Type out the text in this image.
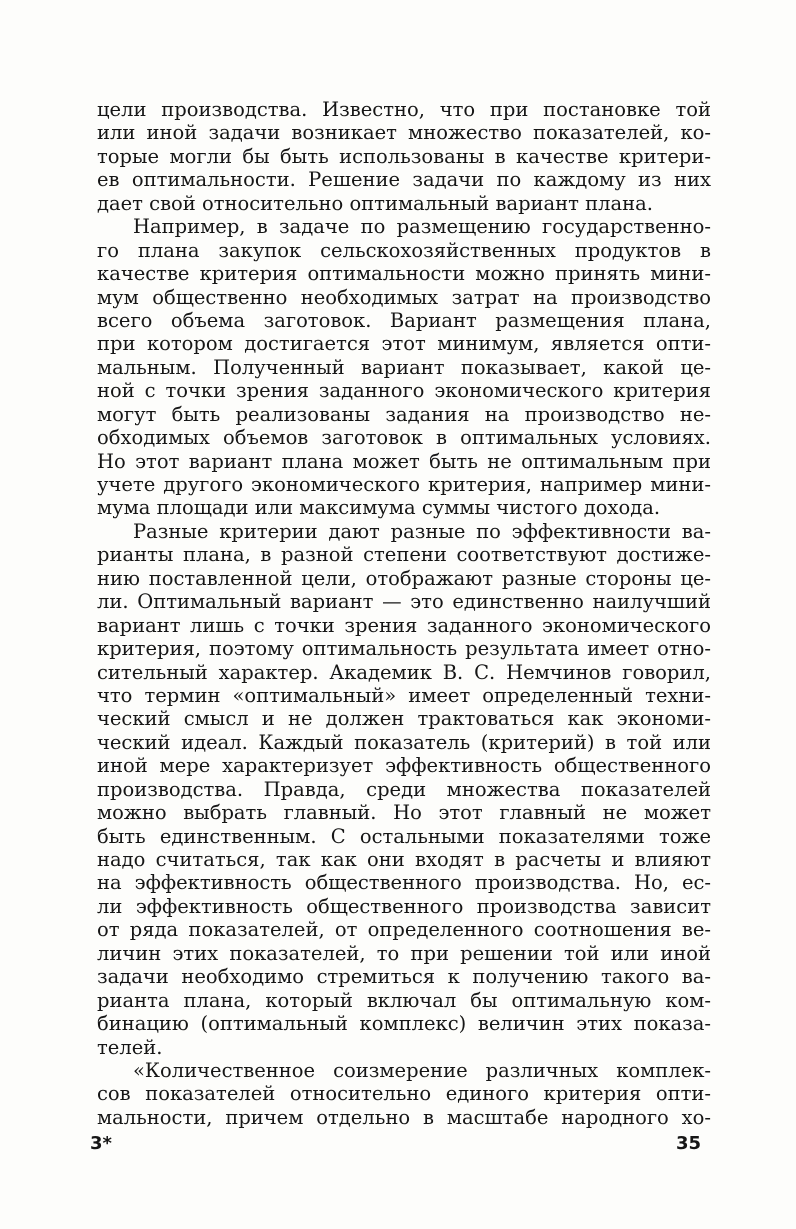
цели производства. Известно, что при постановке той
или иной задачи возникает множество показателей, ко-
торые могли бы быть использованы в качестве критери-
ев оптимальности. Решение задачи по каждому из них
дает свой относительно оптимальный вариант плана.
Например, в задаче по размещению государственно-
го плана закупок сельскохозяйственных продуктов в
качестве критерия оптимальности можно принять мини-
мум общественно необходимых затрат на производство
всего объема заготовок. Вариант размещения плана,
при котором достигается этот минимум, является опти-
мальным. Полученный вариант показывает, какой це-
ной с точки зрения заданного экономического критерия
могут быть реализованы задания на производство не-
обходимых объемов заготовок в оптимальных условиях.
Но этот вариант плана может быть не оптимальным при
учете другого экономического критерия, например мини-
мума площади или максимума суммы чистого дохода.
Разные критерии дают разные по эффективности ва-
рианты плана, в разной степени соответствуют достиже-
нию поставленной цели, отображают разные стороны це-
ли. Оптимальный вариант — это единственно наилучший
вариант лишь с точки зрения заданного экономического
критерия, поэтому оптимальность результата имеет отно-
сительный характер. Академик В. С. Немчинов говорил,
что термин «оптимальный» имеет определенный техни-
ческий смысл и не должен трактоваться как экономи-
ческий идеал. Каждый показатель (критерий) в той или
иной мере характеризует эффективность общественного
производства. Правда, среди множества показателей
можно выбрать главный. Но этот главный не может
быть единственным. С остальными показателями тоже
надо считаться, так как они входят в расчеты и влияют
на эффективность общественного производства. Но, ес-
ли эффективность общественного производства зависит
от ряда показателей, от определенного соотношения ве-
личин этих показателей, то при решении той или иной
задачи необходимо стремиться к получению такого ва-
рианта плана, который включал бы оптимальную ком-
бинацию (оптимальный комплекс) величин этих показа-
телей.
«Количественное соизмерение различных комплек-
сов показателей относительно единого критерия опти-
мальности, причем отдельно в масштабе народного хо-
3*	35
